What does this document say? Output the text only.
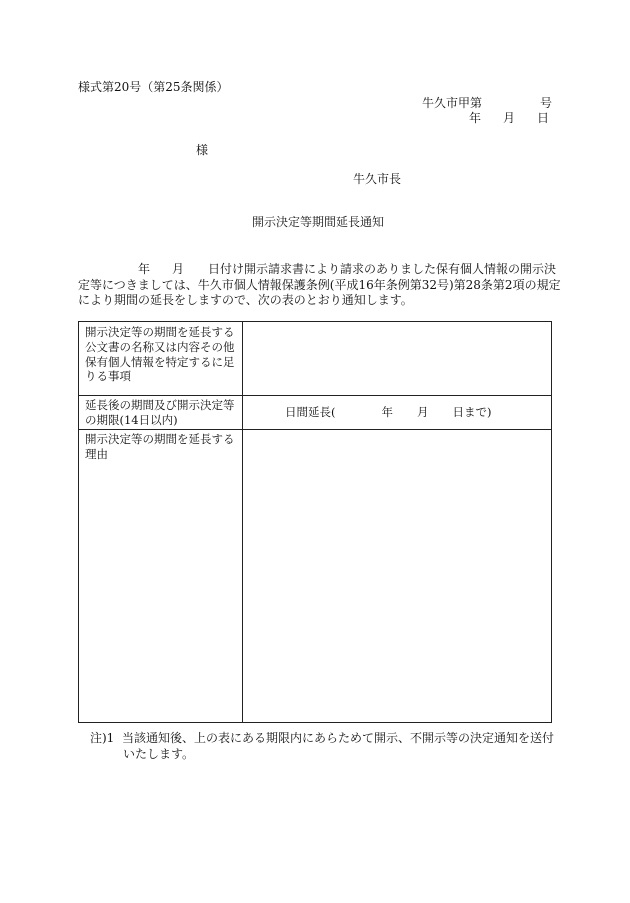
様式第20号（第25条関係）
牛久市甲第	号
年 月 日
様
牛久市長
開示決定等期間延長通知
年 月 日付け開示請求書により請求のありました保有個人情報の開示決
定等につきましては、牛久市個人情報保護条例(平成16年条例第32号)第28条第2項の規定
により期間の延長をしますので、次の表のとおり通知します。
開示決定等の期間を延長する公文書の名称又は内容その他保有個人情報を特定するに足りる事項
延長後の期間及び開示決定等の期限(14日以内)
日間延長(	年 月 日まで)
開示決定等の期間を延長する理由
注)1 当該通知後、上の表にある期限内にあらためて開示、不開示等の決定通知を送付
いたします。
